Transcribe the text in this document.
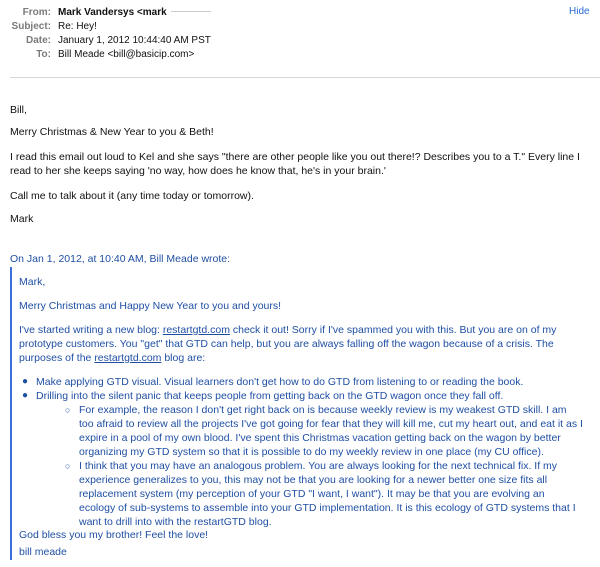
From: Mark Vandersys <mark
Subject: Re: Hey!
Date: January 1, 2012 10:44:40 AM PST
To: Bill Meade <bill@basicip.com>
Hide
Bill,
Merry Christmas & New Year to you & Beth!
I read this email out loud to Kel and she says "there are other people like you out there!? Describes you to a T." Every line I
read to her she keeps saying 'no way, how does he know that, he's in your brain.'
Call me to talk about it (any time today or tomorrow).
Mark
On Jan 1, 2012, at 10:40 AM, Bill Meade wrote:
Mark,
Merry Christmas and Happy New Year to you and yours!
I've started writing a new blog: restartgtd.com check it out! Sorry if I've spammed you with this. But you are on of my
prototype customers. You "get" that GTD can help, but you are always falling off the wagon because of a crisis. The
purposes of the restartgtd.com blog are:
● Make applying GTD visual. Visual learners don't get how to do GTD from listening to or reading the book.
● Drilling into the silent panic that keeps people from getting back on the GTD wagon once they fall off.
○ For example, the reason I don't get right back on is because weekly review is my weakest GTD skill. I am
too afraid to review all the projects I've got going for fear that they will kill me, cut my heart out, and eat it as I
expire in a pool of my own blood. I've spent this Christmas vacation getting back on the wagon by better
organizing my GTD system so that it is possible to do my weekly review in one place (my CU office).
○ I think that you may have an analogous problem. You are always looking for the next technical fix. If my
experience generalizes to you, this may not be that you are looking for a newer better one size fits all
replacement system (my perception of your GTD "I want, I want"). It may be that you are evolving an
ecology of sub-systems to assemble into your GTD implementation. It is this ecology of GTD systems that I
want to drill into with the restartGTD blog.
God bless you my brother! Feel the love!
bill meade
